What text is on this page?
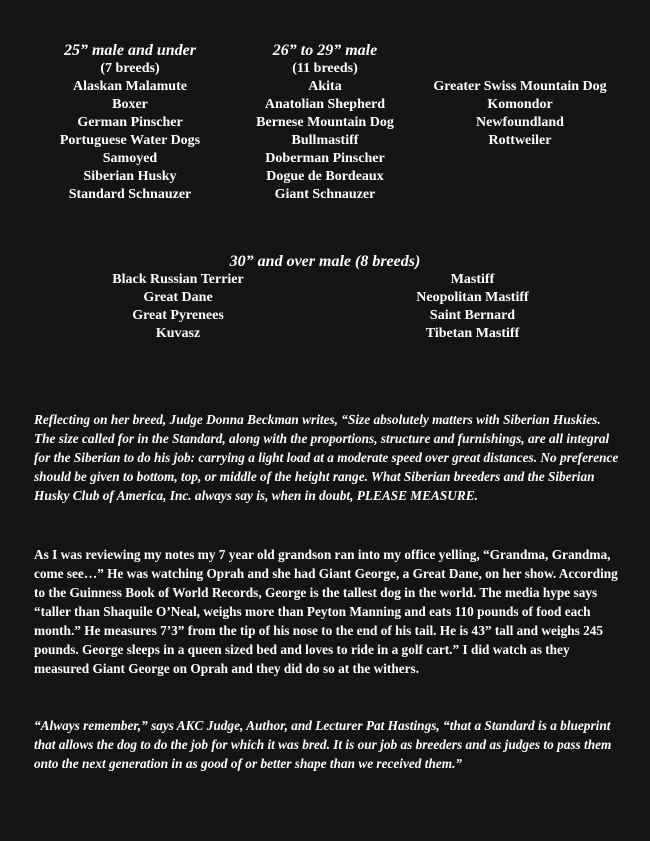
25” male and under
(7 breeds)
Alaskan Malamute
Boxer
German Pinscher
Portuguese Water Dogs
Samoyed
Siberian Husky
Standard Schnauzer
26” to 29” male
(11 breeds)
Akita
Anatolian Shepherd
Bernese Mountain Dog
Bullmastiff
Doberman Pinscher
Dogue de Bordeaux
Giant Schnauzer
Greater Swiss Mountain Dog
Komondor
Newfoundland
Rottweiler
30” and over male (8 breeds)
Black Russian Terrier
Great Dane
Great Pyrenees
Kuvasz
Mastiff
Neopolitan Mastiff
Saint Bernard
Tibetan Mastiff

Reflecting on her breed, Judge Donna Beckman writes, “Size absolutely matters with Siberian Huskies. The size called for in the Standard, along with the proportions, structure and furnishings, are all integral for the Siberian to do his job: carrying a light load at a moderate speed over great distances. No preference should be given to bottom, top, or middle of the height range. What Siberian breeders and the Siberian Husky Club of America, Inc. always say is, when in doubt, PLEASE MEASURE.

As I was reviewing my notes my 7 year old grandson ran into my office yelling, “Grandma, Grandma, come see…” He was watching Oprah and she had Giant George, a Great Dane, on her show. According to the Guinness Book of World Records, George is the tallest dog in the world. The media hype says “taller than Shaquile O’Neal, weighs more than Peyton Manning and eats 110 pounds of food each month.” He measures 7’3” from the tip of his nose to the end of his tail. He is 43” tall and weighs 245 pounds. George sleeps in a queen sized bed and loves to ride in a golf cart.” I did watch as they measured Giant George on Oprah and they did do so at the withers.

“Always remember,” says AKC Judge, Author, and Lecturer Pat Hastings, “that a Standard is a blueprint that allows the dog to do the job for which it was bred. It is our job as breeders and as judges to pass them onto the next generation in as good of or better shape than we received them.”
